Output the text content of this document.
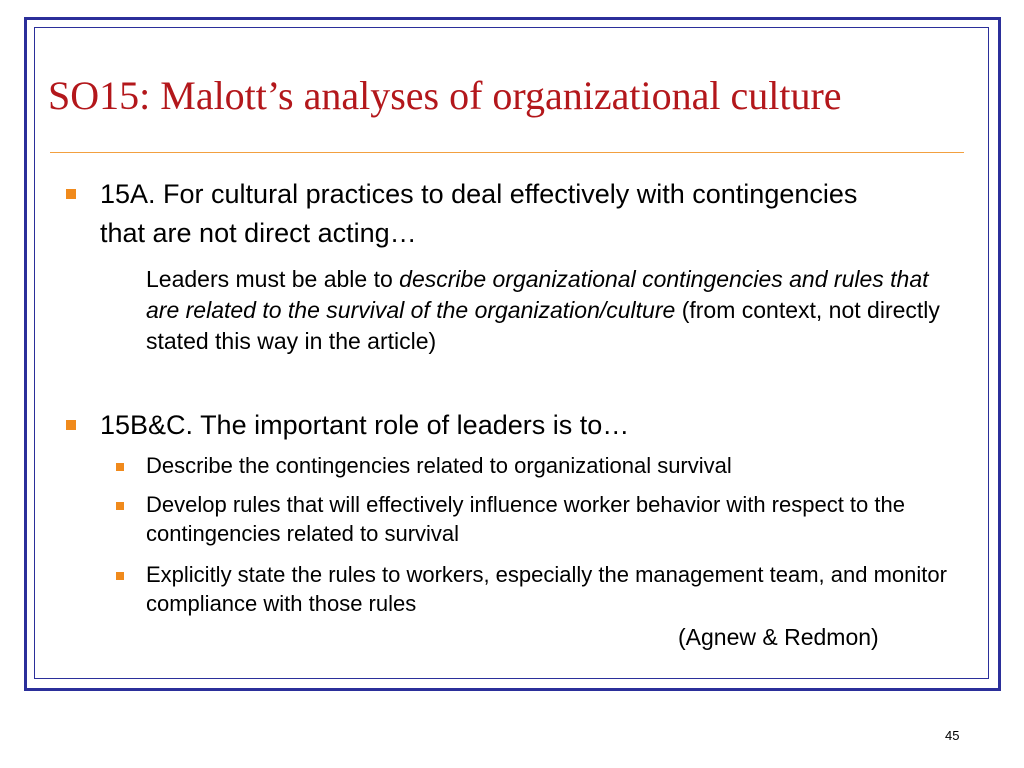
SO15: Malott’s analyses of organizational culture
15A. For cultural practices to deal effectively with contingencies that are not direct acting…
Leaders must be able to describe organizational contingencies and rules that are related to the survival of the organization/culture (from context, not directly stated this way in the article)
15B&C. The important role of leaders is to…
Describe the contingencies related to organizational survival
Develop rules that will effectively influence worker behavior with respect to the contingencies related to survival
Explicitly state the rules to workers, especially the management team, and monitor compliance with those rules
(Agnew & Redmon)
45
